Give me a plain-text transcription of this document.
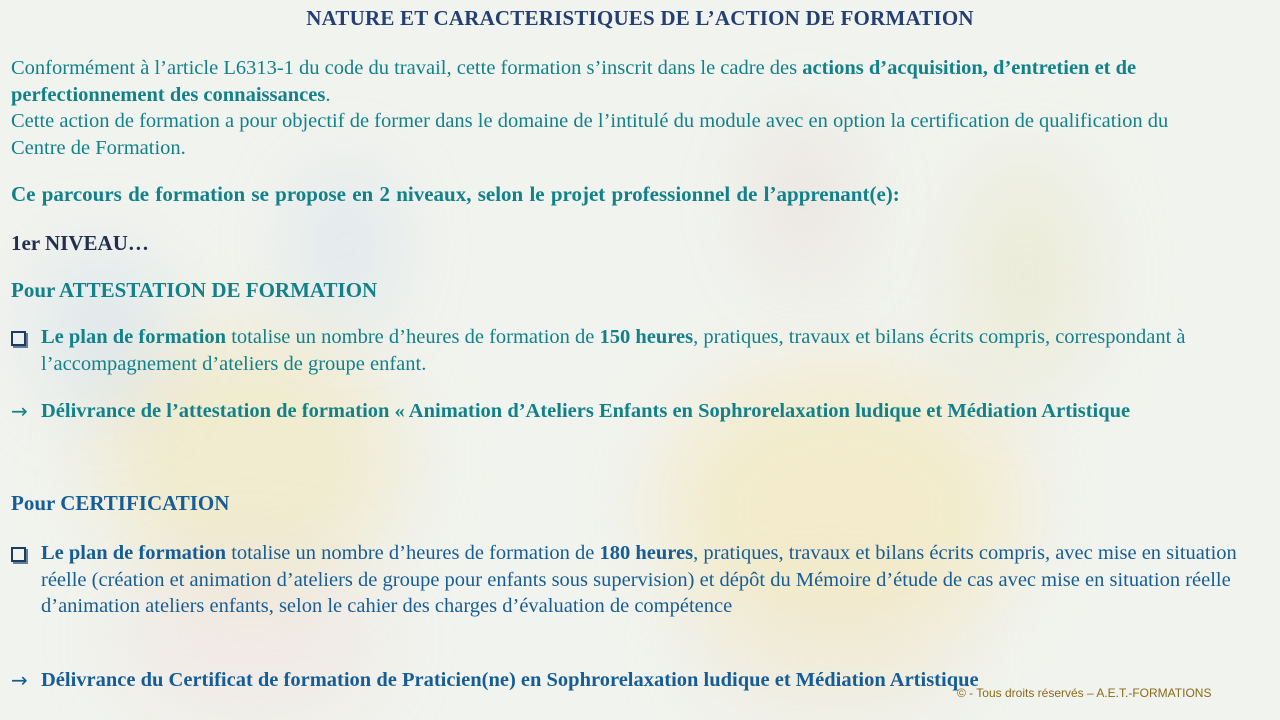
NATURE ET CARACTERISTIQUES DE L’ACTION DE FORMATION

Conformément à l’article L6313-1 du code du travail, cette formation s’inscrit dans le cadre des actions d’acquisition, d’entretien et de perfectionnement des connaissances.
Cette action de formation a pour objectif de former dans le domaine de l’intitulé du module avec en option la certification de qualification du Centre de Formation.

Ce parcours de formation se propose en 2 niveaux, selon le projet professionnel de l’apprenant(e):

1er NIVEAU…

Pour ATTESTATION DE FORMATION

Le plan de formation totalise un nombre d’heures de formation de 150 heures, pratiques, travaux et bilans écrits compris, correspondant à l’accompagnement d’ateliers de groupe enfant.
→ Délivrance de l’attestation de formation « Animation d’Ateliers Enfants en Sophrorelaxation ludique et Médiation Artistique

Pour CERTIFICATION

Le plan de formation totalise un nombre d’heures de formation de 180 heures, pratiques, travaux et bilans écrits compris, avec mise en situation réelle (création et animation d’ateliers de groupe pour enfants sous supervision) et dépôt du Mémoire d’étude de cas avec mise en situation réelle d’animation ateliers enfants, selon le cahier des charges d’évaluation de compétence
→ Délivrance du Certificat de formation de Praticien(ne) en Sophrorelaxation ludique et Médiation Artistique
© - Tous droits réservés – A.E.T.-FORMATIONS
